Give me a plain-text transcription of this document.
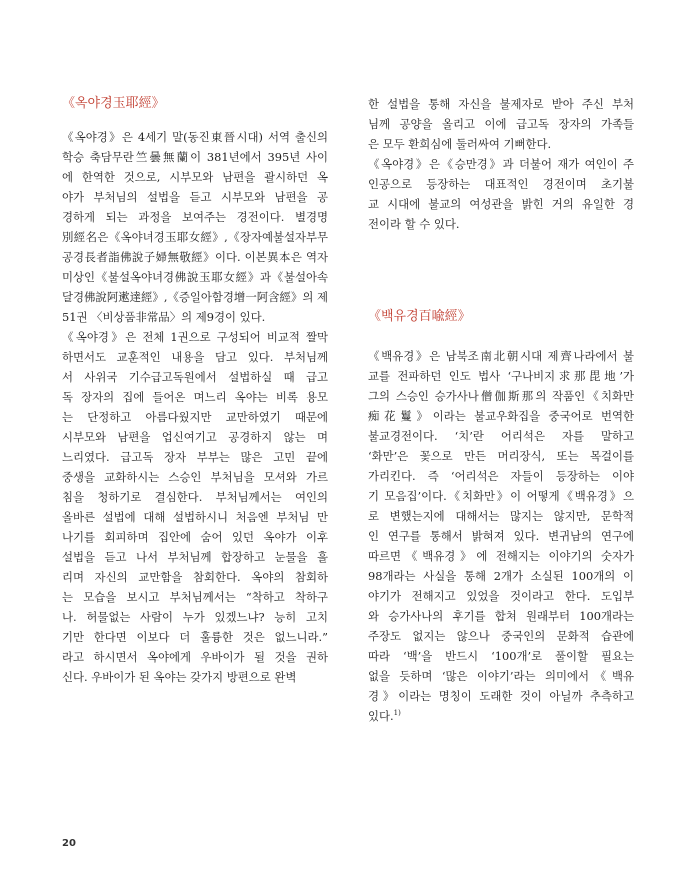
《옥야경玉耶經》
《옥야경》은 4세기 말(동진東晉시대) 서역 출신의
학승 축담무란竺曇無蘭이 381년에서 395년 사이
에 한역한 것으로, 시부모와 남편을 괄시하던 옥
야가 부처님의 설법을 듣고 시부모와 남편을 공
경하게 되는 과정을 보여주는 경전이다. 별경명
別經名은《옥야녀경玉耶女經》,《장자예불설자부무
공경長者詣佛說子婦無敬經》이다. 이본異本은 역자
미상인《불설옥야녀경佛說玉耶女經》과《불설아속
달경佛說阿遬達經》,《증일아함경增一阿含經》의 제
51권 〈비상품非常品〉의 제9경이 있다.
《옥야경》은 전체 1권으로 구성되어 비교적 짤막
하면서도 교훈적인 내용을 담고 있다. 부처님께
서 사위국 기수급고독원에서 설법하실 때 급고
독 장자의 집에 들어온 며느리 옥야는 비록 용모
는 단정하고 아름다웠지만 교만하였기 때문에
시부모와 남편을 업신여기고 공경하지 않는 며
느리였다. 급고독 장자 부부는 많은 고민 끝에
중생을 교화하시는 스승인 부처님을 모셔와 가르
침을 청하기로 결심한다. 부처님께서는 여인의
올바른 설법에 대해 설법하시니 처음엔 부처님 만
나기를 회피하며 집안에 숨어 있던 옥야가 이후
설법을 듣고 나서 부처님께 합장하고 눈물을 흘
리며 자신의 교만함을 참회한다. 옥야의 참회하
는 모습을 보시고 부처님께서는 “착하고 착하구
나. 허물없는 사람이 누가 있겠느냐? 능히 고치
기만 한다면 이보다 더 훌륭한 것은 없느니라.”
라고 하시면서 옥야에게 우바이가 될 것을 권하
신다. 우바이가 된 옥야는 갖가지 방편으로 완벽
한 설법을 통해 자신을 불제자로 받아 주신 부처
님께 공양을 올리고 이에 급고독 장자의 가족들
은 모두 환희심에 둘러싸여 기뻐한다.
《옥야경》은《승만경》과 더불어 재가 여인이 주
인공으로 등장하는 대표적인 경전이며 초기불
교 시대에 불교의 여성관을 밝힌 거의 유일한 경
전이라 할 수 있다.
《백유경百喩經》
《백유경》은 남북조南北朝시대 제齊나라에서 불
교를 전파하던 인도 법사 ‘구나비지求那毘地’가
그의 스승인 승가사나僧伽斯那의 작품인《치화만
痴花鬘》이라는 불교우화집을 중국어로 번역한
불교경전이다. ‘치’란 어리석은 자를 말하고
‘화만’은 꽃으로 만든 머리장식, 또는 목걸이를
가리킨다. 즉 ‘어리석은 자들이 등장하는 이야
기 모음집’이다.《치화만》이 어떻게《백유경》으
로 변했는지에 대해서는 많지는 않지만, 문학적
인 연구를 통해서 밝혀져 있다. 변귀남의 연구에
따르면《백유경》에 전해지는 이야기의 숫자가
98개라는 사실을 통해 2개가 소실된 100개의 이
야기가 전해지고 있었을 것이라고 한다. 도입부
와 승가사나의 후기를 합쳐 원래부터 100개라는
주장도 없지는 않으나 중국인의 문화적 습관에
따라 ‘백’을 반드시 ‘100개’로 풀이할 필요는
없을 듯하며 ‘많은 이야기’라는 의미에서《백유
경》이라는 명칭이 도래한 것이 아닐까 추측하고
있다.$^{1)}$
20
